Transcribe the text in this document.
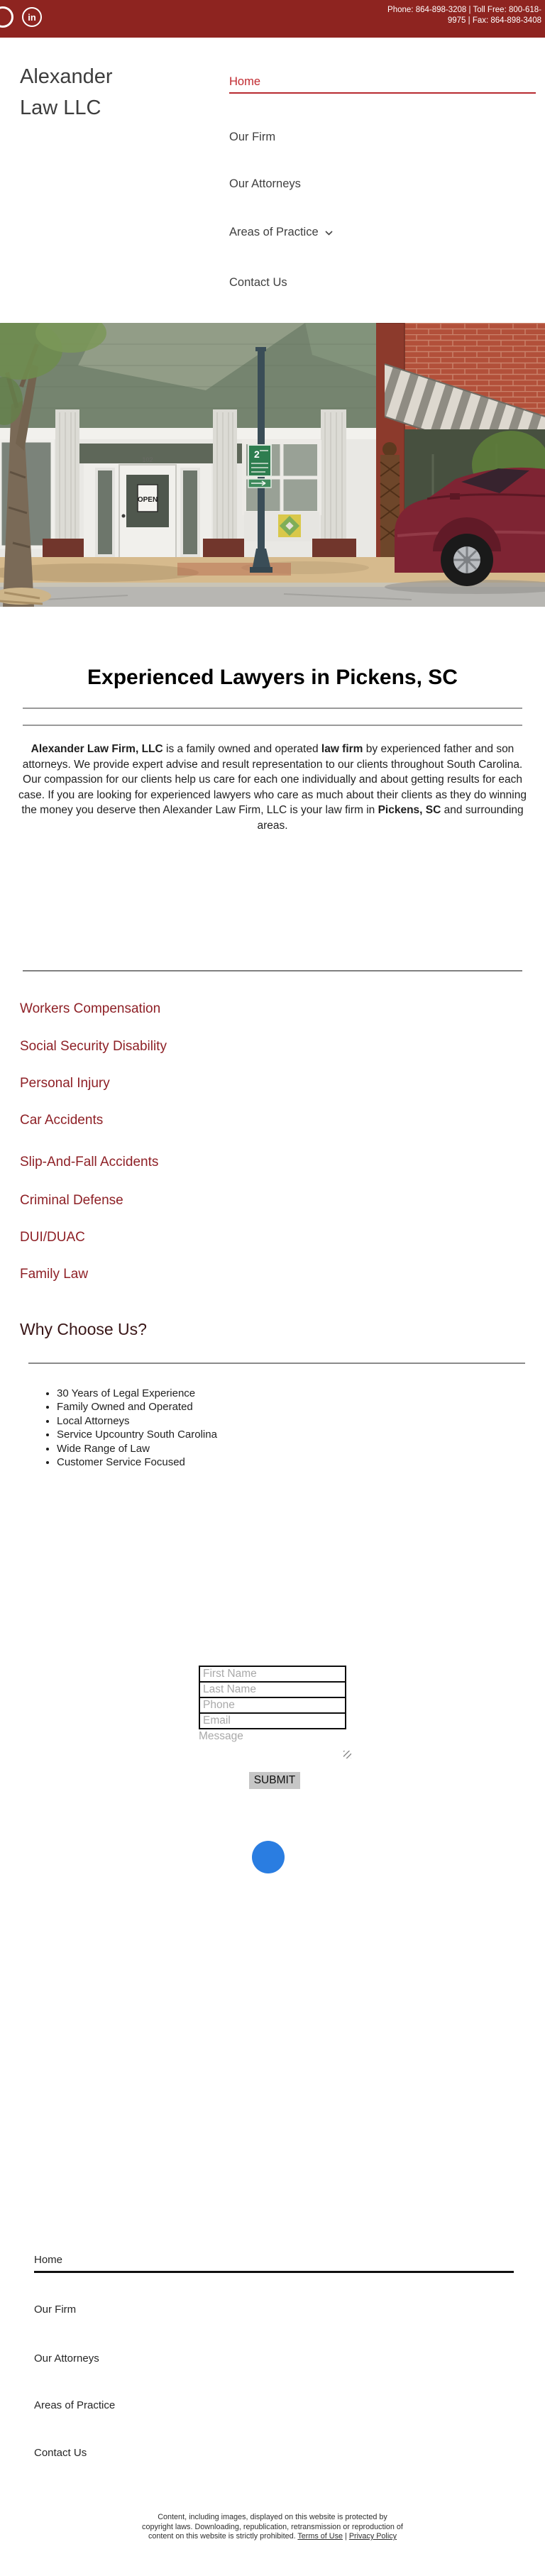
in
Phone: 864-898-3208 | Toll Free: 800-618-9975 | Fax: 864-898-3408
Alexander
Law LLC
Home
Our Firm
Our Attorneys
Areas of Practice
Contact Us
102
OPEN
2
Experienced Lawyers in Pickens, SC
Alexander Law Firm, LLC is a family owned and operated law firm by experienced father and son attorneys. We provide expert advise and result representation to our clients throughout South Carolina. Our compassion for our clients help us care for each one individually and about getting results for each case. If you are looking for experienced lawyers who care as much about their clients as they do winning the money you deserve then Alexander Law Firm, LLC is your law firm in Pickens, SC and surrounding areas.
Workers Compensation
Social Security Disability
Personal Injury
Car Accidents
Slip-And-Fall Accidents
Criminal Defense
DUI/DUAC
Family Law
Why Choose Us?
• 30 Years of Legal Experience
• Family Owned and Operated
• Local Attorneys
• Service Upcountry South Carolina
• Wide Range of Law
• Customer Service Focused
First Name
Last Name
Phone
Email
Message
SUBMIT
Home
Our Firm
Our Attorneys
Areas of Practice
Contact Us
Content, including images, displayed on this website is protected by copyright laws. Downloading, republication, retransmission or reproduction of content on this website is strictly prohibited. Terms of Use | Privacy Policy
